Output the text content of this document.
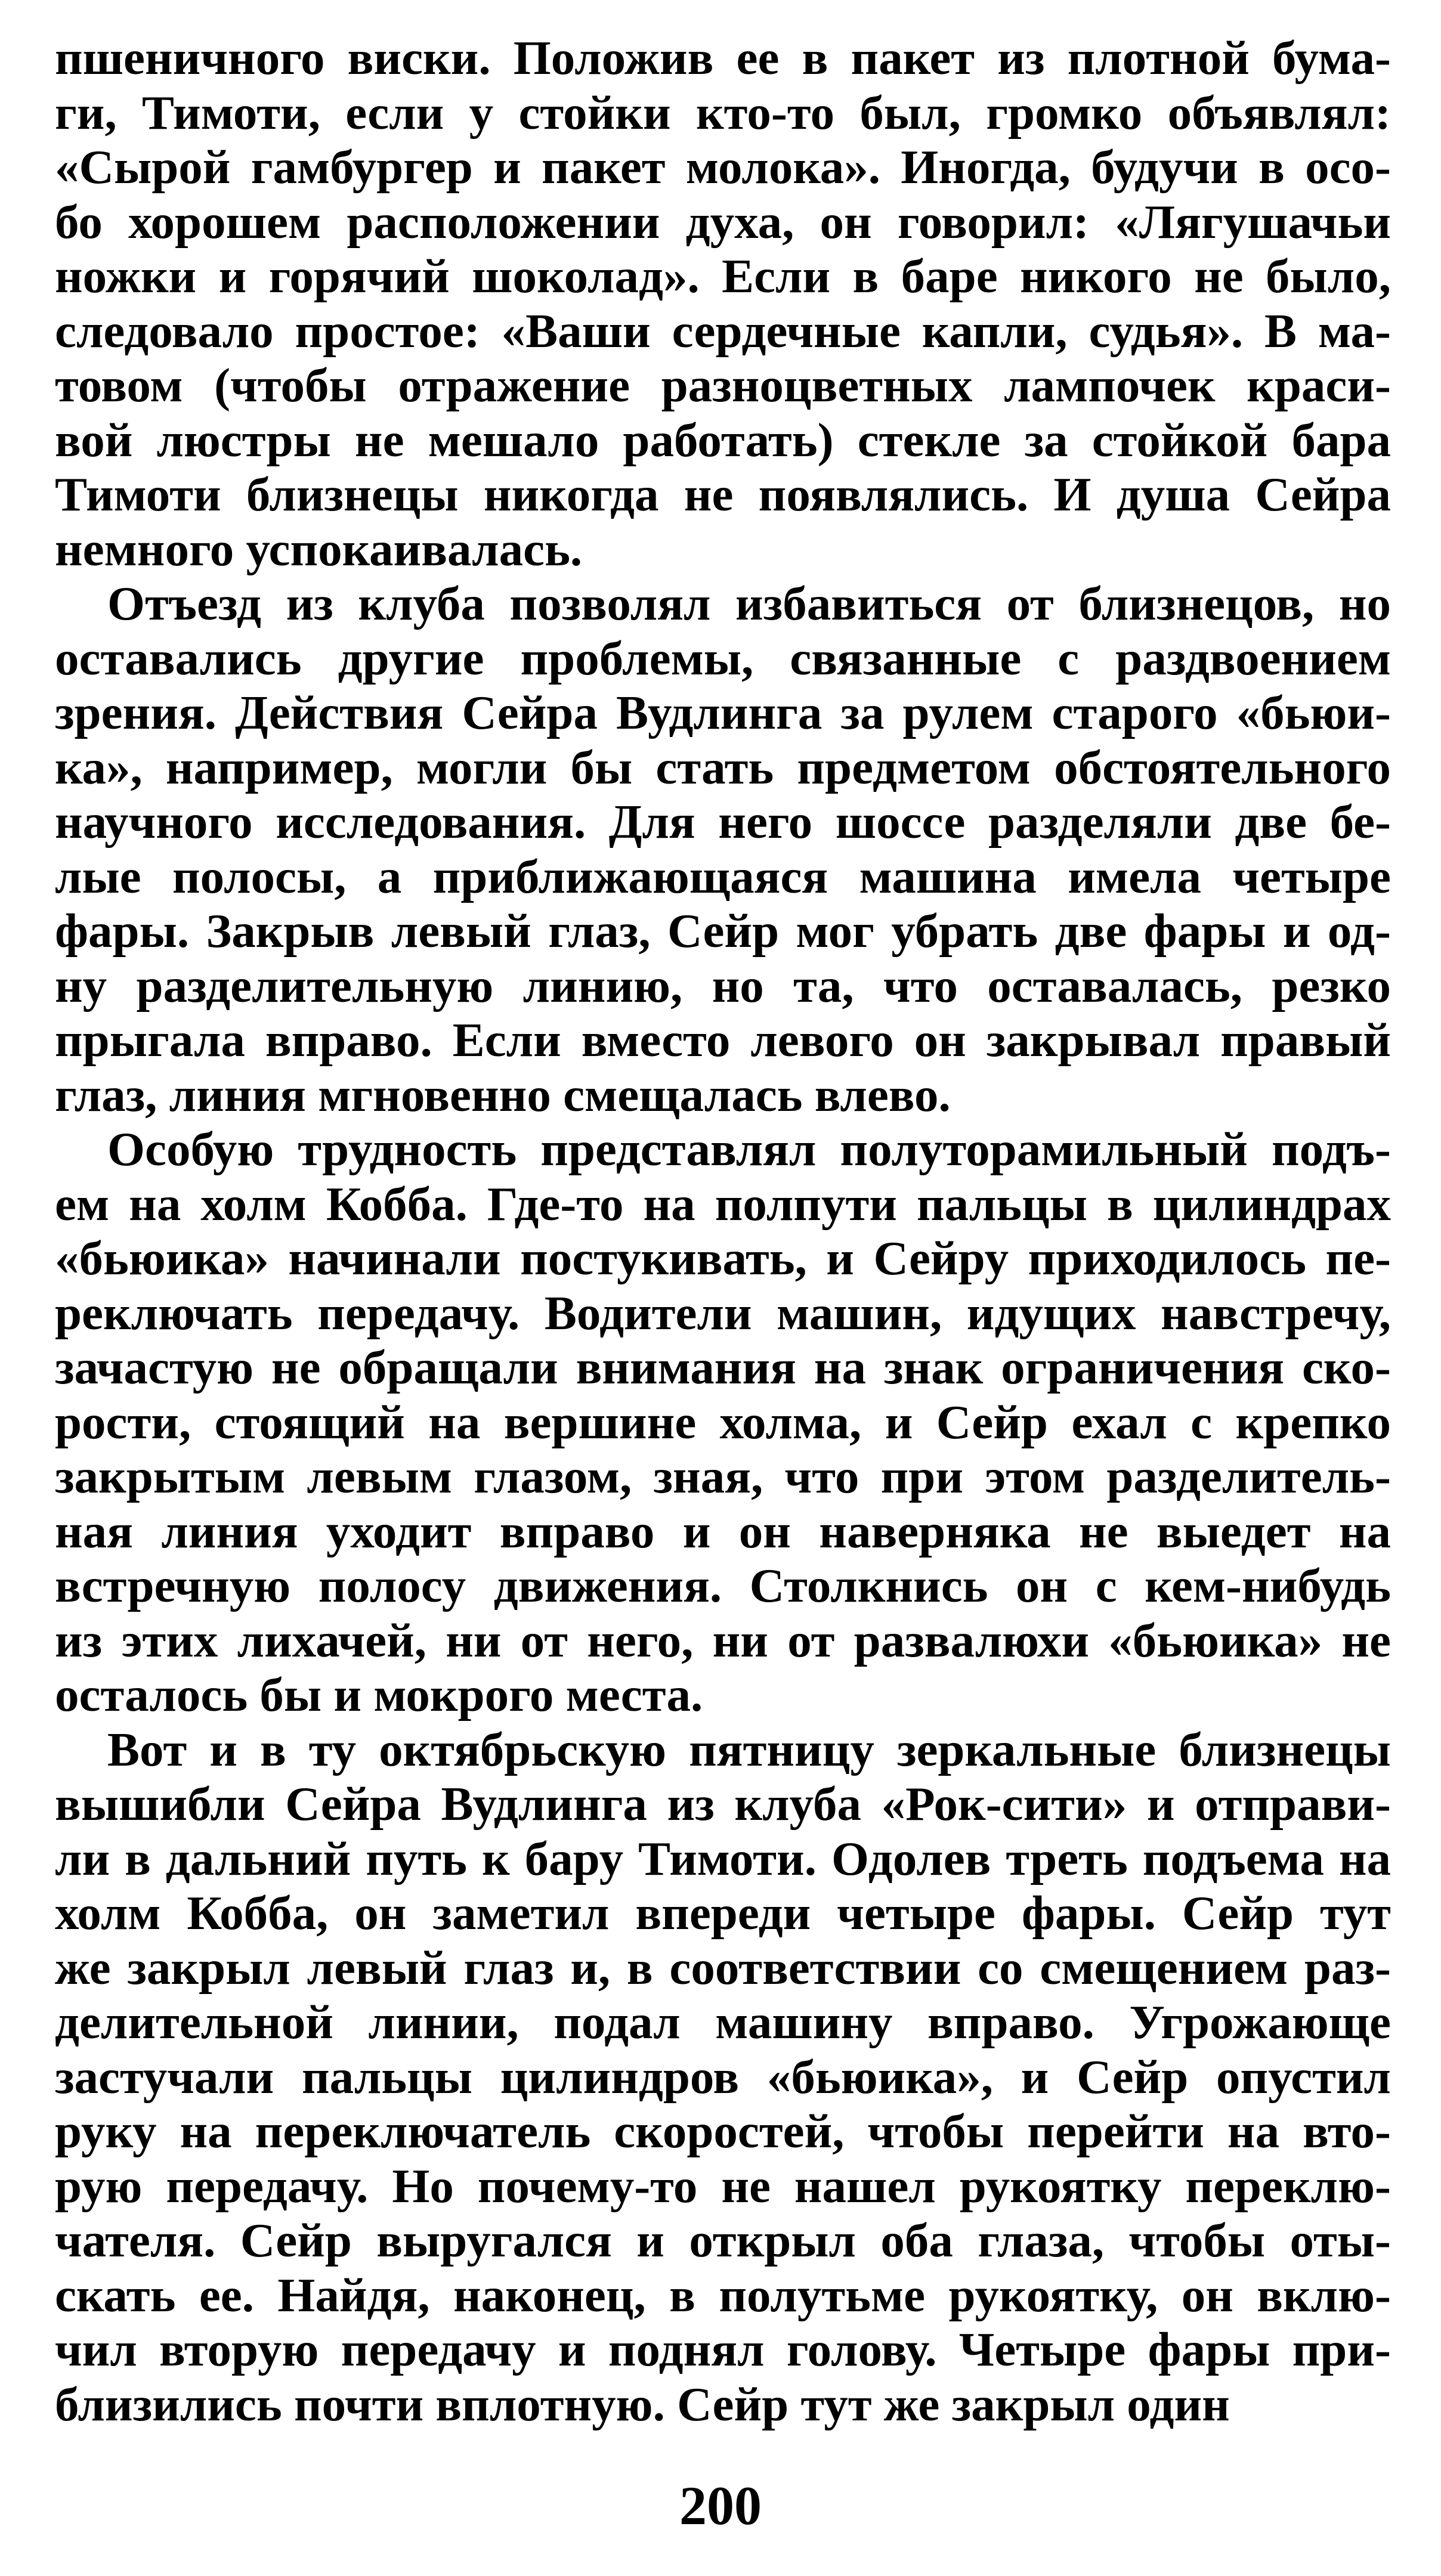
пшеничного виски. Положив ее в пакет из плотной бума-
ги, Тимоти, если у стойки кто-то был, громко объявлял:
«Сырой гамбургер и пакет молока». Иногда, будучи в осо-
бо хорошем расположении духа, он говорил: «Лягушачьи
ножки и горячий шоколад». Если в баре никого не было,
следовало простое: «Ваши сердечные капли, судья». В ма-
товом (чтобы отражение разноцветных лампочек краси-
вой люстры не мешало работать) стекле за стойкой бара
Тимоти близнецы никогда не появлялись. И душа Сейра
немного успокаивалась.
Отъезд из клуба позволял избавиться от близнецов, но
оставались другие проблемы, связанные с раздвоением
зрения. Действия Сейра Вудлинга за рулем старого «бьюи-
ка», например, могли бы стать предметом обстоятельного
научного исследования. Для него шоссе разделяли две бе-
лые полосы, а приближающаяся машина имела четыре
фары. Закрыв левый глаз, Сейр мог убрать две фары и од-
ну разделительную линию, но та, что оставалась, резко
прыгала вправо. Если вместо левого он закрывал правый
глаз, линия мгновенно смещалась влево.
Особую трудность представлял полуторамильный подъ-
ем на холм Кобба. Где-то на полпути пальцы в цилиндрах
«бьюика» начинали постукивать, и Сейру приходилось пе-
реключать передачу. Водители машин, идущих навстречу,
зачастую не обращали внимания на знак ограничения ско-
рости, стоящий на вершине холма, и Сейр ехал с крепко
закрытым левым глазом, зная, что при этом разделитель-
ная линия уходит вправо и он наверняка не выедет на
встречную полосу движения. Столкнись он с кем-нибудь
из этих лихачей, ни от него, ни от развалюхи «бьюика» не
осталось бы и мокрого места.
Вот и в ту октябрьскую пятницу зеркальные близнецы
вышибли Сейра Вудлинга из клуба «Рок-сити» и отправи-
ли в дальний путь к бару Тимоти. Одолев треть подъема на
холм Кобба, он заметил впереди четыре фары. Сейр тут
же закрыл левый глаз и, в соответствии со смещением раз-
делительной линии, подал машину вправо. Угрожающе
застучали пальцы цилиндров «бьюика», и Сейр опустил
руку на переключатель скоростей, чтобы перейти на вто-
рую передачу. Но почему-то не нашел рукоятку переклю-
чателя. Сейр выругался и открыл оба глаза, чтобы оты-
скать ее. Найдя, наконец, в полутьме рукоятку, он вклю-
чил вторую передачу и поднял голову. Четыре фары при-
близились почти вплотную. Сейр тут же закрыл один
200
